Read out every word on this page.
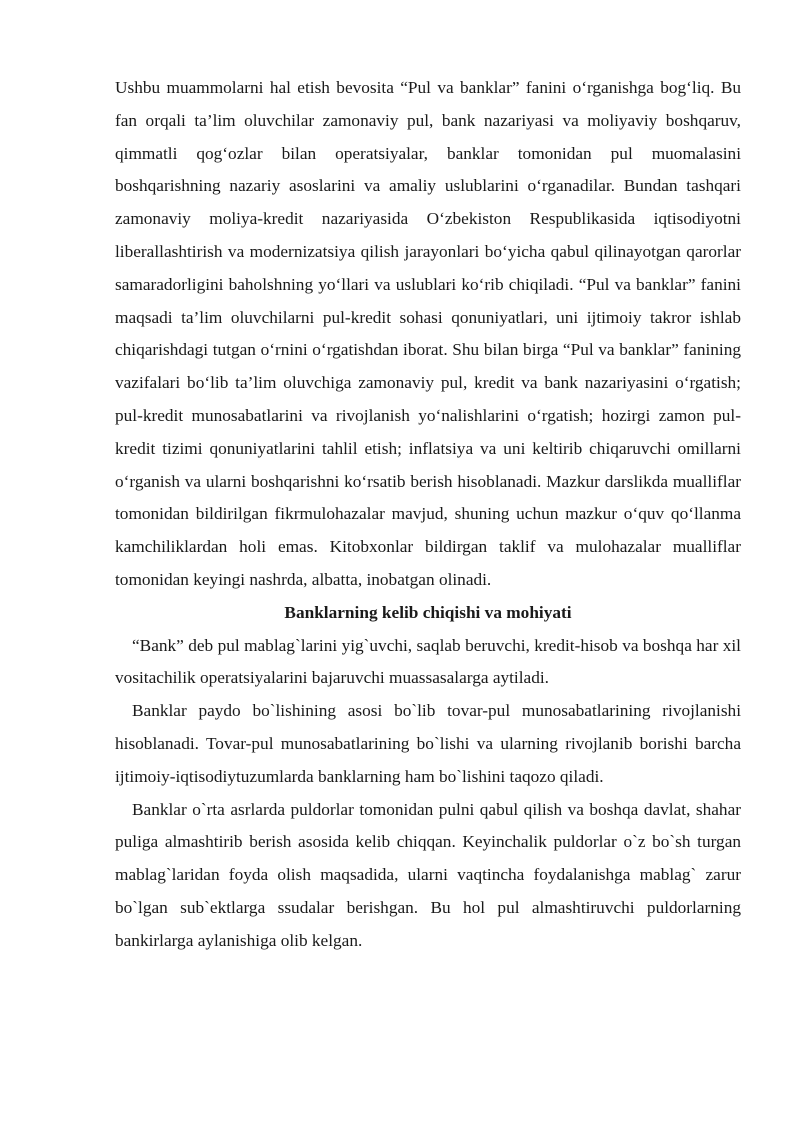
Ushbu muammolarni hal etish bevosita “Pul va banklar” fanini o‘rganishga bog‘liq. Bu fan orqali ta’lim oluvchilar zamonaviy pul, bank nazariyasi va moliyaviy boshqaruv, qimmatli qog‘ozlar bilan operatsiyalar, banklar tomonidan pul muomalasini boshqarishning nazariy asoslarini va amaliy uslublarini o‘rganadilar. Bundan tashqari zamonaviy moliya-kredit nazariyasida O‘zbekiston Respublikasida iqtisodiyotni liberallashtirish va modernizatsiya qilish jarayonlari bo‘yicha qabul qilinayotgan qarorlar samaradorligini baholshning yo‘llari va uslublari ko‘rib chiqiladi. “Pul va banklar” fanini maqsadi ta’lim oluvchilarni pul-kredit sohasi qonuniyatlari, uni ijtimoiy takror ishlab chiqarishdagi tutgan o‘rnini o‘rgatishdan iborat. Shu bilan birga “Pul va banklar” fanining vazifalari bo‘lib ta’lim oluvchiga zamonaviy pul, kredit va bank nazariyasini o‘rgatish; pul-kredit munosabatlarini va rivojlanish yo‘nalishlarini o‘rgatish; hozirgi zamon pul-kredit tizimi qonuniyatlarini tahlil etish; inflatsiya va uni keltirib chiqaruvchi omillarni o‘rganish va ularni boshqarishni ko‘rsatib berish hisoblanadi. Mazkur darslikda mualliflar tomonidan bildirilgan fikrmulohazalar mavjud, shuning uchun mazkur o‘quv qo‘llanma kamchiliklardan holi emas. Kitobxonlar bildirgan taklif va mulohazalar mualliflar tomonidan keyingi nashrda, albatta, inobatgan olinadi.

Banklarning kelib chiqishi va mohiyati

“Bank” deb pul mablag`larini yig`uvchi, saqlab beruvchi, kredit-hisob va boshqa har xil vositachilik operatsiyalarini bajaruvchi muassasalarga aytiladi.

Banklar paydo bo`lishining asosi bo`lib tovar-pul munosabatlarining rivojlanishi hisoblanadi. Tovar-pul munosabatlarining bo`lishi va ularning rivojlanib borishi barcha ijtimoiy-iqtisodiytuzumlarda banklarning ham bo`lishini taqozo qiladi.

Banklar o`rta asrlarda puldorlar tomonidan pulni qabul qilish va boshqa davlat, shahar puliga almashtirib berish asosida kelib chiqqan. Keyinchalik puldorlar o`z bo`sh turgan mablag`laridan foyda olish maqsadida, ularni vaqtincha foydalanishga mablag` zarur bo`lgan sub`ektlarga ssudalar berishgan. Bu hol pul almashtiruvchi puldorlarning bankirlarga aylanishiga olib kelgan.
